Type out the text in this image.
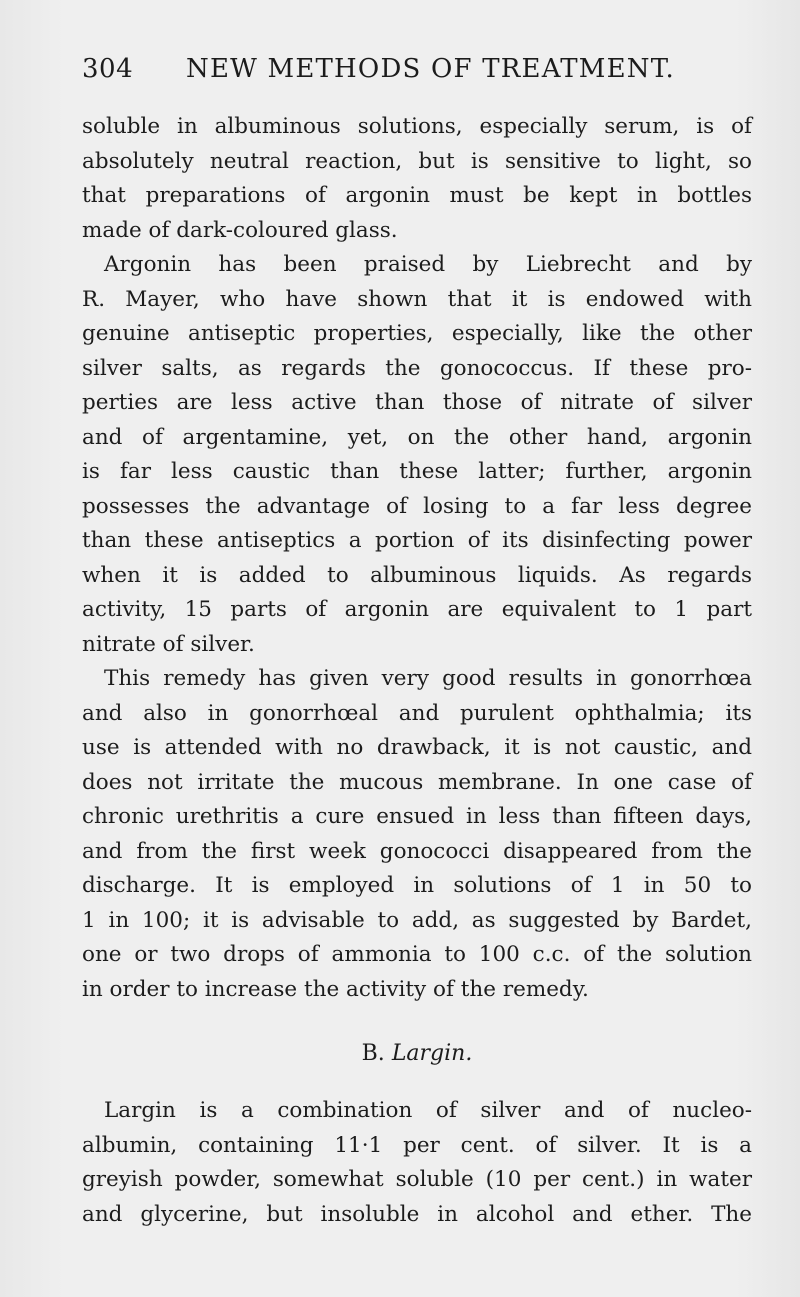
304 NEW METHODS OF TREATMENT.
soluble in albuminous solutions, especially serum, is of
absolutely neutral reaction, but is sensitive to light, so
that preparations of argonin must be kept in bottles
made of dark-coloured glass.
Argonin has been praised by Liebrecht and by
R. Mayer, who have shown that it is endowed with
genuine antiseptic properties, especially, like the other
silver salts, as regards the gonococcus. If these pro-
perties are less active than those of nitrate of silver
and of argentamine, yet, on the other hand, argonin
is far less caustic than these latter; further, argonin
possesses the advantage of losing to a far less degree
than these antiseptics a portion of its disinfecting power
when it is added to albuminous liquids. As regards
activity, 15 parts of argonin are equivalent to 1 part
nitrate of silver.
This remedy has given very good results in gonorrhœa
and also in gonorrhœal and purulent ophthalmia; its
use is attended with no drawback, it is not caustic, and
does not irritate the mucous membrane. In one case of
chronic urethritis a cure ensued in less than fifteen days,
and from the first week gonococci disappeared from the
discharge. It is employed in solutions of 1 in 50 to
1 in 100; it is advisable to add, as suggested by Bardet,
one or two drops of ammonia to 100 c.c. of the solution
in order to increase the activity of the remedy.
B. Largin.
Largin is a combination of silver and of nucleo-
albumin, containing 11·1 per cent. of silver. It is a
greyish powder, somewhat soluble (10 per cent.) in water
and glycerine, but insoluble in alcohol and ether. The
